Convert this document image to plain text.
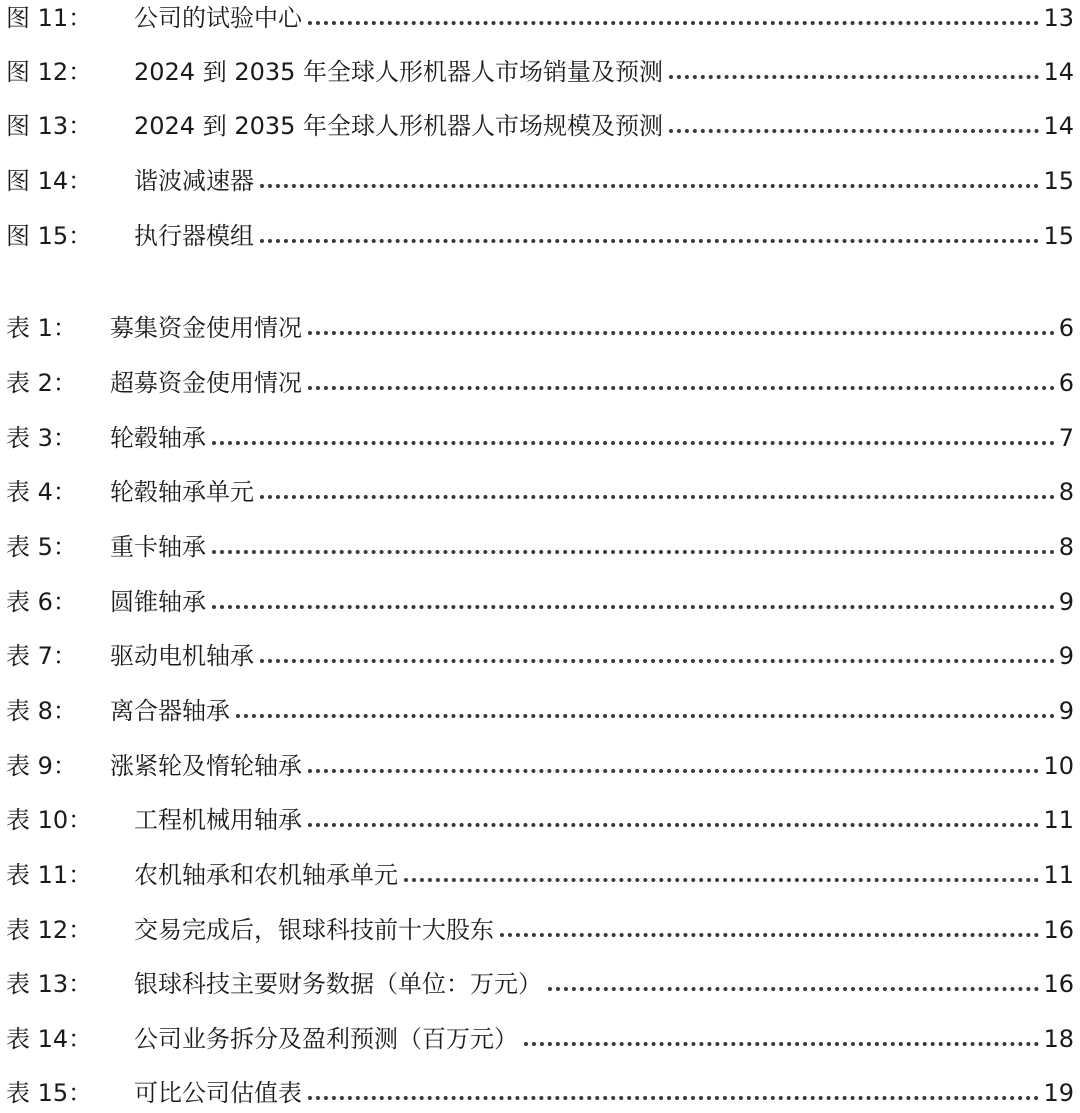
图 11：	公司的试验中心	13
图 12：	2024 到 2035 年全球人形机器人市场销量及预测	14
图 13：	2024 到 2035 年全球人形机器人市场规模及预测	14
图 14：	谐波减速器	15
图 15：	执行器模组	15
表 1：	募集资金使用情况	6
表 2：	超募资金使用情况	6
表 3：	轮毂轴承	7
表 4：	轮毂轴承单元	8
表 5：	重卡轴承	8
表 6：	圆锥轴承	9
表 7：	驱动电机轴承	9
表 8：	离合器轴承	9
表 9：	涨紧轮及惰轮轴承	10
表 10：	工程机械用轴承	11
表 11：	农机轴承和农机轴承单元	11
表 12：	交易完成后，银球科技前十大股东	16
表 13：	银球科技主要财务数据（单位：万元）	16
表 14：	公司业务拆分及盈利预测（百万元）	18
表 15：	可比公司估值表	19
